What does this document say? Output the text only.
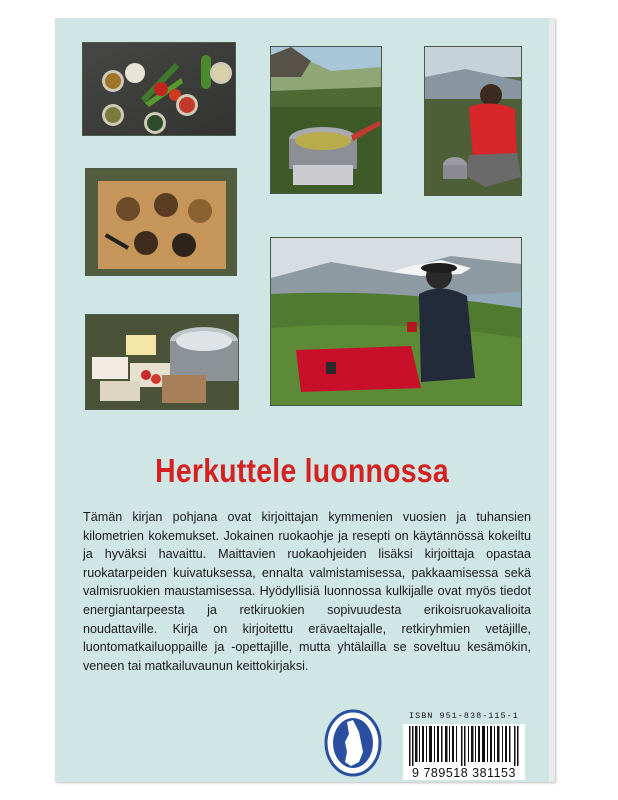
Herkuttele luonnossa

Tämän kirjan pohjana ovat kirjoittajan kymmenien vuosien ja tuhansien kilometrien kokemukset. Jokainen ruokaohje ja resepti on käytännössä kokeiltu ja hyväksi havaittu. Maittavien ruokaohjeiden lisäksi kirjoittaja opastaa ruokatarpeiden kuivatuksessa, ennalta valmistamisessa, pakkaamisessa sekä valmisruokien maustamisessa. Hyödyllisiä luonnossa kulkijalle ovat myös tiedot energiantarpeesta ja retkiruokien sopivuudesta erikoisruokavalioita noudattaville. Kirja on kirjoitettu erävaeltajalle, retkiryhmien vetäjille, luontomatkailuoppaille ja -opettajille, mutta yhtälailla se soveltuu kesämökin, veneen tai matkailuvaunun keittokirjaksi.

ISBN 951-838-115-1
9 789518 381153
